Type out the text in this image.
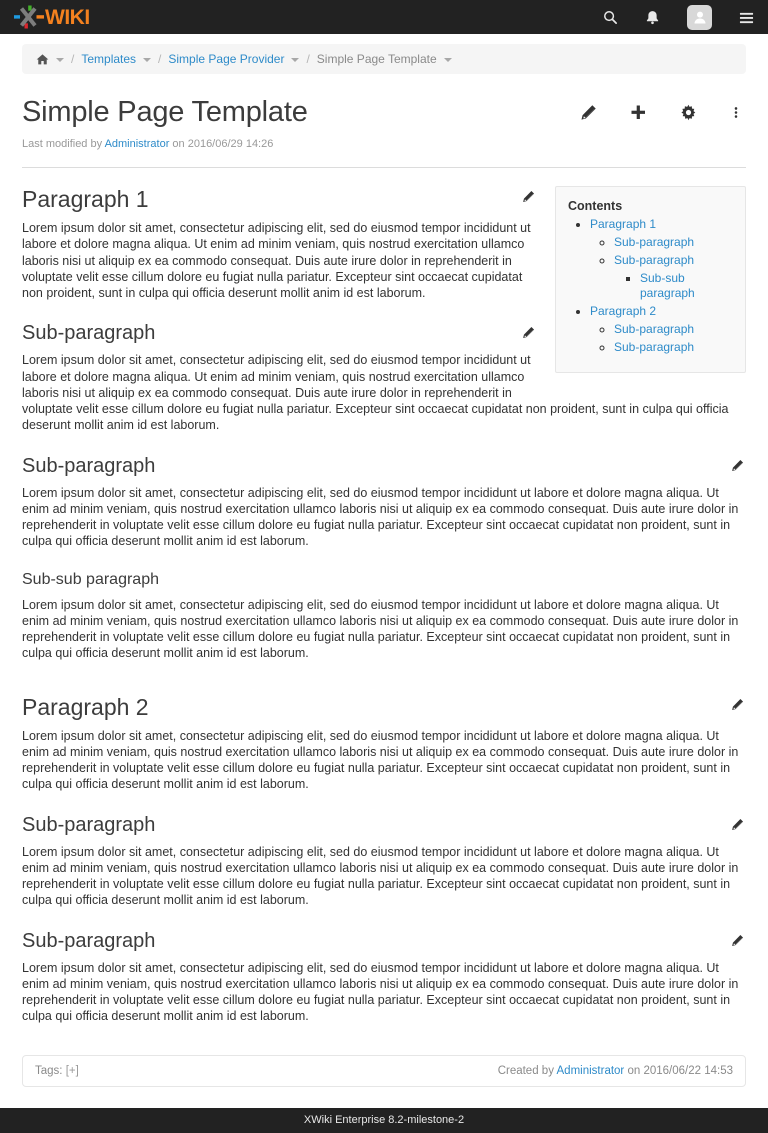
WIKI
/ Templates / Simple Page Provider / Simple Page Template
Simple Page Template
Last modified by Administrator on 2016/06/29 14:26
Contents
• Paragraph 1
◦ Sub-paragraph
◦ Sub-paragraph
▪ Sub-sub paragraph
• Paragraph 2
◦ Sub-paragraph
◦ Sub-paragraph
Paragraph 1

Lorem ipsum dolor sit amet, consectetur adipiscing elit, sed do eiusmod tempor incididunt ut labore et dolore magna aliqua. Ut enim ad minim veniam, quis nostrud exercitation ullamco laboris nisi ut aliquip ex ea commodo consequat. Duis aute irure dolor in reprehenderit in voluptate velit esse cillum dolore eu fugiat nulla pariatur. Excepteur sint occaecat cupidatat non proident, sunt in culpa qui officia deserunt mollit anim id est laborum.

Sub-paragraph

Lorem ipsum dolor sit amet, consectetur adipiscing elit, sed do eiusmod tempor incididunt ut labore et dolore magna aliqua. Ut enim ad minim veniam, quis nostrud exercitation ullamco laboris nisi ut aliquip ex ea commodo consequat. Duis aute irure dolor in reprehenderit in voluptate velit esse cillum dolore eu fugiat nulla pariatur. Excepteur sint occaecat cupidatat non proident, sunt in culpa qui officia deserunt mollit anim id est laborum.

Sub-paragraph

Lorem ipsum dolor sit amet, consectetur adipiscing elit, sed do eiusmod tempor incididunt ut labore et dolore magna aliqua. Ut enim ad minim veniam, quis nostrud exercitation ullamco laboris nisi ut aliquip ex ea commodo consequat. Duis aute irure dolor in reprehenderit in voluptate velit esse cillum dolore eu fugiat nulla pariatur. Excepteur sint occaecat cupidatat non proident, sunt in culpa qui officia deserunt mollit anim id est laborum.

Sub-sub paragraph

Lorem ipsum dolor sit amet, consectetur adipiscing elit, sed do eiusmod tempor incididunt ut labore et dolore magna aliqua. Ut enim ad minim veniam, quis nostrud exercitation ullamco laboris nisi ut aliquip ex ea commodo consequat. Duis aute irure dolor in reprehenderit in voluptate velit esse cillum dolore eu fugiat nulla pariatur. Excepteur sint occaecat cupidatat non proident, sunt in culpa qui officia deserunt mollit anim id est laborum.

Paragraph 2

Lorem ipsum dolor sit amet, consectetur adipiscing elit, sed do eiusmod tempor incididunt ut labore et dolore magna aliqua. Ut enim ad minim veniam, quis nostrud exercitation ullamco laboris nisi ut aliquip ex ea commodo consequat. Duis aute irure dolor in reprehenderit in voluptate velit esse cillum dolore eu fugiat nulla pariatur. Excepteur sint occaecat cupidatat non proident, sunt in culpa qui officia deserunt mollit anim id est laborum.

Sub-paragraph

Lorem ipsum dolor sit amet, consectetur adipiscing elit, sed do eiusmod tempor incididunt ut labore et dolore magna aliqua. Ut enim ad minim veniam, quis nostrud exercitation ullamco laboris nisi ut aliquip ex ea commodo consequat. Duis aute irure dolor in reprehenderit in voluptate velit esse cillum dolore eu fugiat nulla pariatur. Excepteur sint occaecat cupidatat non proident, sunt in culpa qui officia deserunt mollit anim id est laborum.

Sub-paragraph

Lorem ipsum dolor sit amet, consectetur adipiscing elit, sed do eiusmod tempor incididunt ut labore et dolore magna aliqua. Ut enim ad minim veniam, quis nostrud exercitation ullamco laboris nisi ut aliquip ex ea commodo consequat. Duis aute irure dolor in reprehenderit in voluptate velit esse cillum dolore eu fugiat nulla pariatur. Excepteur sint occaecat cupidatat non proident, sunt in culpa qui officia deserunt mollit anim id est laborum.

Tags: [+]	Created by Administrator on 2016/06/22 14:53
XWiki Enterprise 8.2-milestone-2
